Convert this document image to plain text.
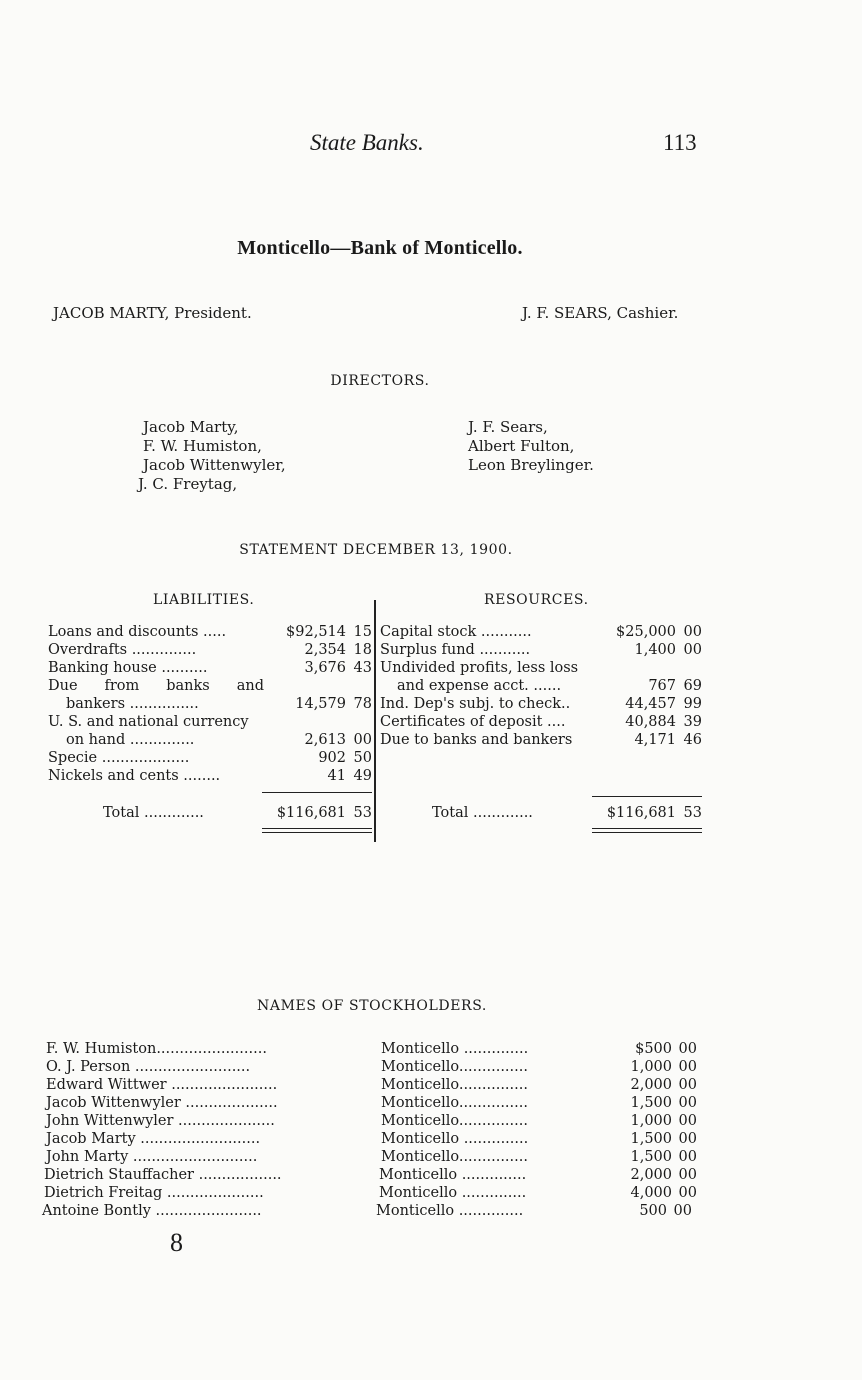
State Banks.	113
Monticello—Bank of Monticello.
JACOB MARTY, President.	J. F. SEARS, Cashier.
DIRECTORS.
Jacob Marty,
F. W. Humiston,
Jacob Wittenwyler,
J. C. Freytag,
J. F. Sears,
Albert Fulton,
Leon Breylinger.
STATEMENT DECEMBER 13, 1900.
LIABILITIES.	RESOURCES.
Loans and discounts .....	$92,514 15
Overdrafts ..............	2,354 18
Banking house ..........	3,676 43
Due from banks and
bankers ...............	14,579 78
U. S. and national currency
on hand ..............	2,613 00
Specie ...................	902 50
Nickels and cents ........	41 49
Total .............	$116,681 53
Capital stock ...........	$25,000 00
Surplus fund ...........	1,400 00
Undivided profits, less loss
and expense acct. ......	767 69
Ind. Dep's subj. to check..	44,457 99
Certificates of deposit ....	40,884 39
Due to banks and bankers	4,171 46
Total .............	$116,681 53
NAMES OF STOCKHOLDERS.
F. W. Humiston........................	Monticello ..............	$500 00
O. J. Person .........................	Monticello...............	1,000 00
Edward Wittwer .......................	Monticello...............	2,000 00
Jacob Wittenwyler ....................	Monticello...............	1,500 00
John Wittenwyler .....................	Monticello...............	1,000 00
Jacob Marty ..........................	Monticello ..............	1,500 00
John Marty ...........................	Monticello...............	1,500 00
Dietrich Stauffacher ..................	Monticello ..............	2,000 00
Dietrich Freitag .....................	Monticello ..............	4,000 00
Antoine Bontly .......................	Monticello ..............	500 00
8
